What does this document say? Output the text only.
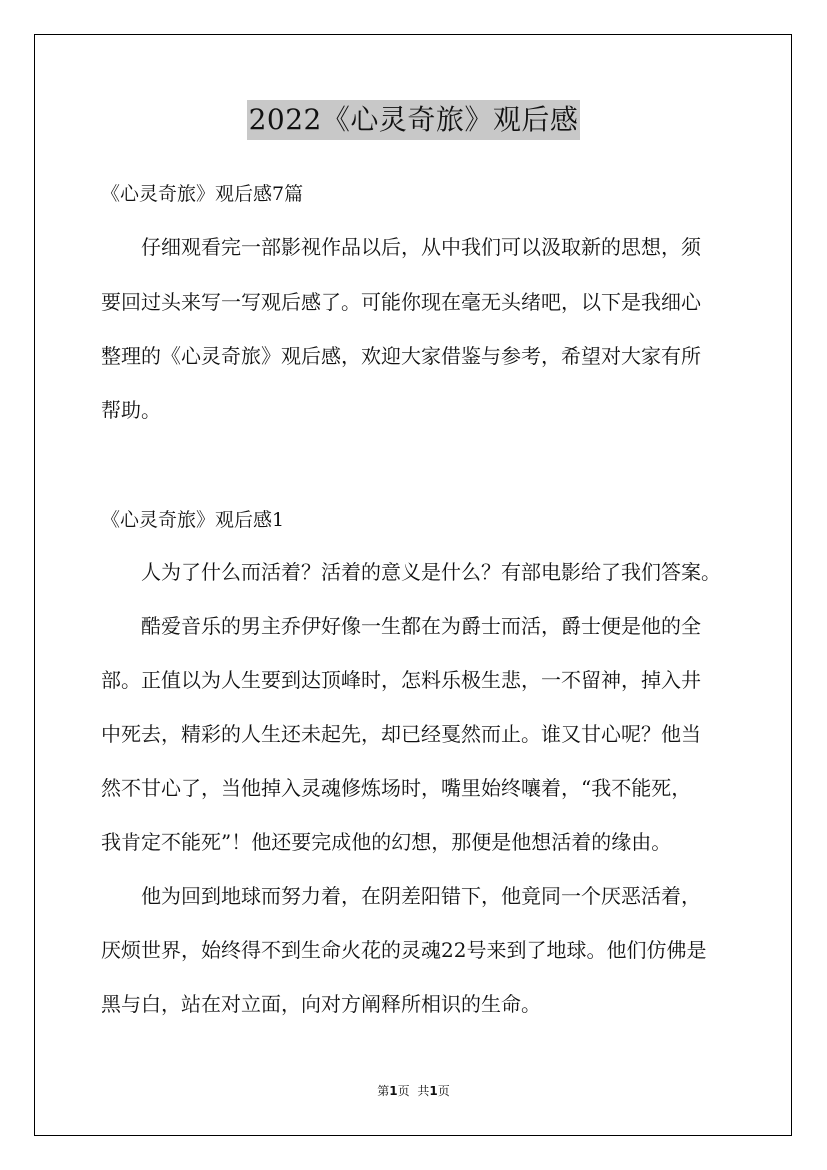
2022《心灵奇旅》观后感
《心灵奇旅》观后感7篇
　　仔细观看完一部影视作品以后，从中我们可以汲取新的思想，须
要回过头来写一写观后感了。可能你现在毫无头绪吧，以下是我细心
整理的《心灵奇旅》观后感，欢迎大家借鉴与参考，希望对大家有所
帮助。
《心灵奇旅》观后感1
　　人为了什么而活着？活着的意义是什么？有部电影给了我们答案。
　　酷爱音乐的男主乔伊好像一生都在为爵士而活，爵士便是他的全
部。正值以为人生要到达顶峰时，怎料乐极生悲，一不留神，掉入井
中死去，精彩的人生还未起先，却已经戛然而止。谁又甘心呢？他当
然不甘心了，当他掉入灵魂修炼场时，嘴里始终嚷着，“我不能死，
我肯定不能死”！他还要完成他的幻想，那便是他想活着的缘由。
　　他为回到地球而努力着，在阴差阳错下，他竟同一个厌恶活着，
厌烦世界，始终得不到生命火花的灵魂22号来到了地球。他们仿佛是
黑与白，站在对立面，向对方阐释所相识的生命。
第1页 共1页
